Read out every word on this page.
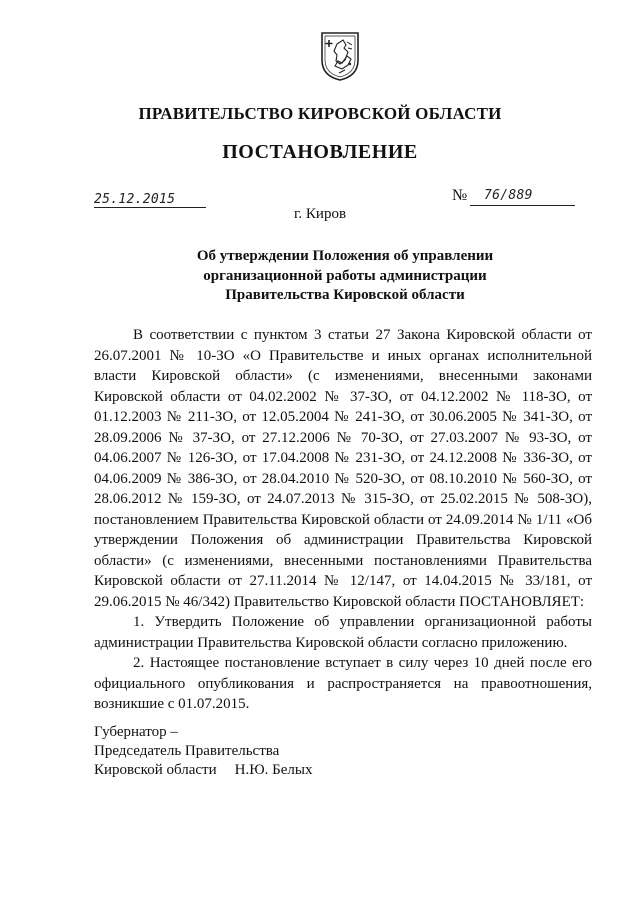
ПРАВИТЕЛЬСТВО КИРОВСКОЙ ОБЛАСТИ
ПОСТАНОВЛЕНИЕ
25.12.2015	№ 76/889
г. Киров
Об утверждении Положения об управлении
организационной работы администрации
Правительства Кировской области

В соответствии с пунктом 3 статьи 27 Закона Кировской области от 26.07.2001 № 10-ЗО «О Правительстве и иных органах исполнительной власти Кировской области» (с изменениями, внесенными законами Кировской области от 04.02.2002 № 37-ЗО, от 04.12.2002 № 118-ЗО, от 01.12.2003 № 211-ЗО, от 12.05.2004 № 241-ЗО, от 30.06.2005 № 341-ЗО, от 28.09.2006 № 37-ЗО, от 27.12.2006 № 70-ЗО, от 27.03.2007 № 93-ЗО, от 04.06.2007 № 126-ЗО, от 17.04.2008 № 231-ЗО, от 24.12.2008 № 336-ЗО, от 04.06.2009 № 386-ЗО, от 28.04.2010 № 520-ЗО, от 08.10.2010 № 560-ЗО, от 28.06.2012 № 159-ЗО, от 24.07.2013 № 315-ЗО, от 25.02.2015 № 508-ЗО), постановлением Правительства Кировской области от 24.09.2014 № 1/11 «Об утверждении Положения об администрации Правительства Кировской области» (с изменениями, внесенными постановлениями Правительства Кировской области от 27.11.2014 № 12/147, от 14.04.2015 № 33/181, от 29.06.2015 № 46/342) Правительство Кировской области ПОСТАНОВЛЯЕТ:

1. Утвердить Положение об управлении организационной работы администрации Правительства Кировской области согласно приложению.

2. Настоящее постановление вступает в силу через 10 дней после его официального опубликования и распространяется на правоотношения, возникшие с 01.07.2015.

Губернатор –
Председатель Правительства
Кировской области Н.Ю. Белых
